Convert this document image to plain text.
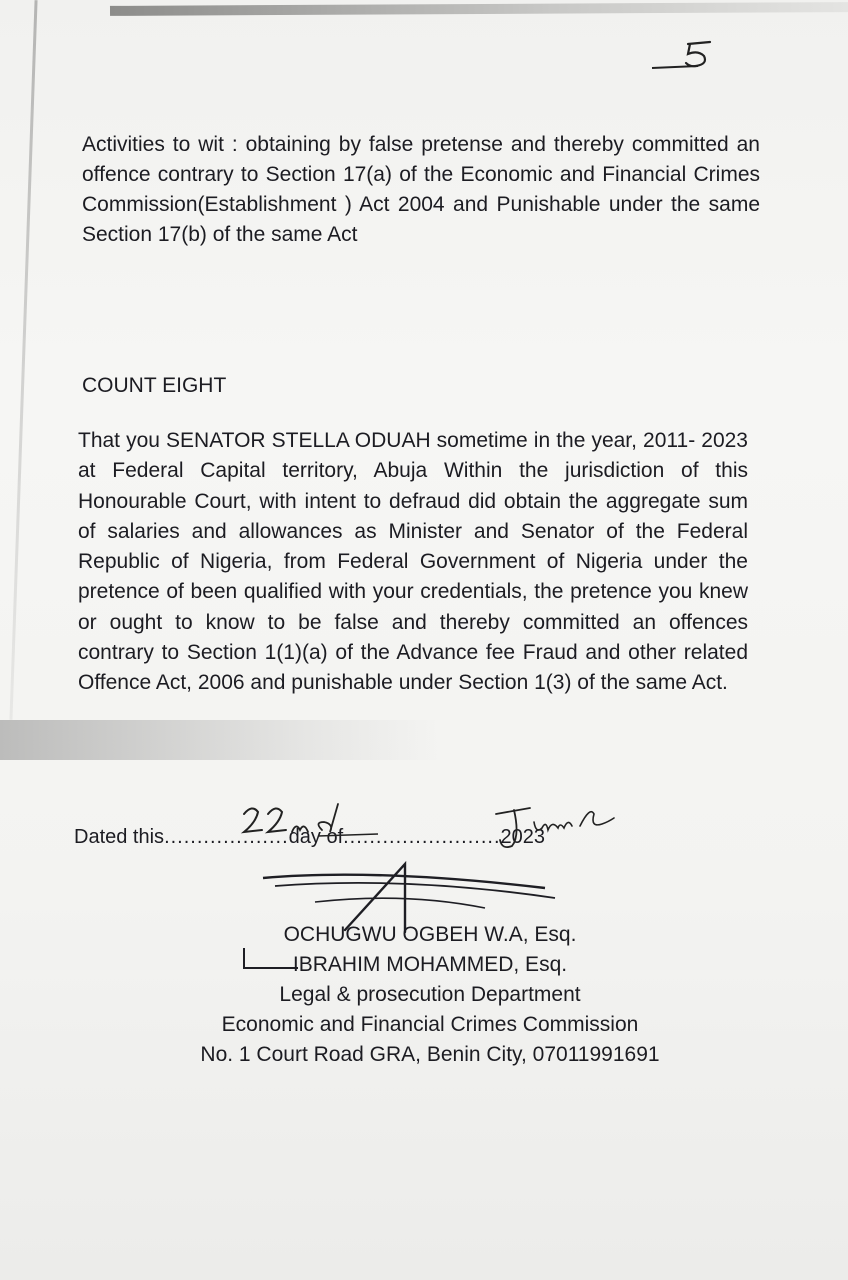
Activities to wit : obtaining by false pretense and thereby committed an offence contrary to Section 17(a) of the Economic and Financial Crimes Commission(Establishment ) Act 2004 and Punishable under the same Section 17(b) of the same Act

COUNT EIGHT

That you SENATOR STELLA ODUAH sometime in the year, 2011- 2023 at Federal Capital territory, Abuja Within the jurisdiction of this Honourable Court, with intent to defraud did obtain the aggregate sum of salaries and allowances as Minister and Senator of the Federal Republic of Nigeria, from Federal Government of Nigeria under the pretence of been qualified with your credentials, the pretence you knew or ought to know to be false and thereby committed an offences contrary to Section 1(1)(a) of the Advance fee Fraud and other related Offence Act, 2006 and punishable under Section 1(3) of the same Act.

Dated this...................day of........................2023
OCHUGWU OGBEH W.A, Esq.
IBRAHIM MOHAMMED, Esq.
Legal & prosecution Department
Economic and Financial Crimes Commission
No. 1 Court Road GRA, Benin City, 07011991691
